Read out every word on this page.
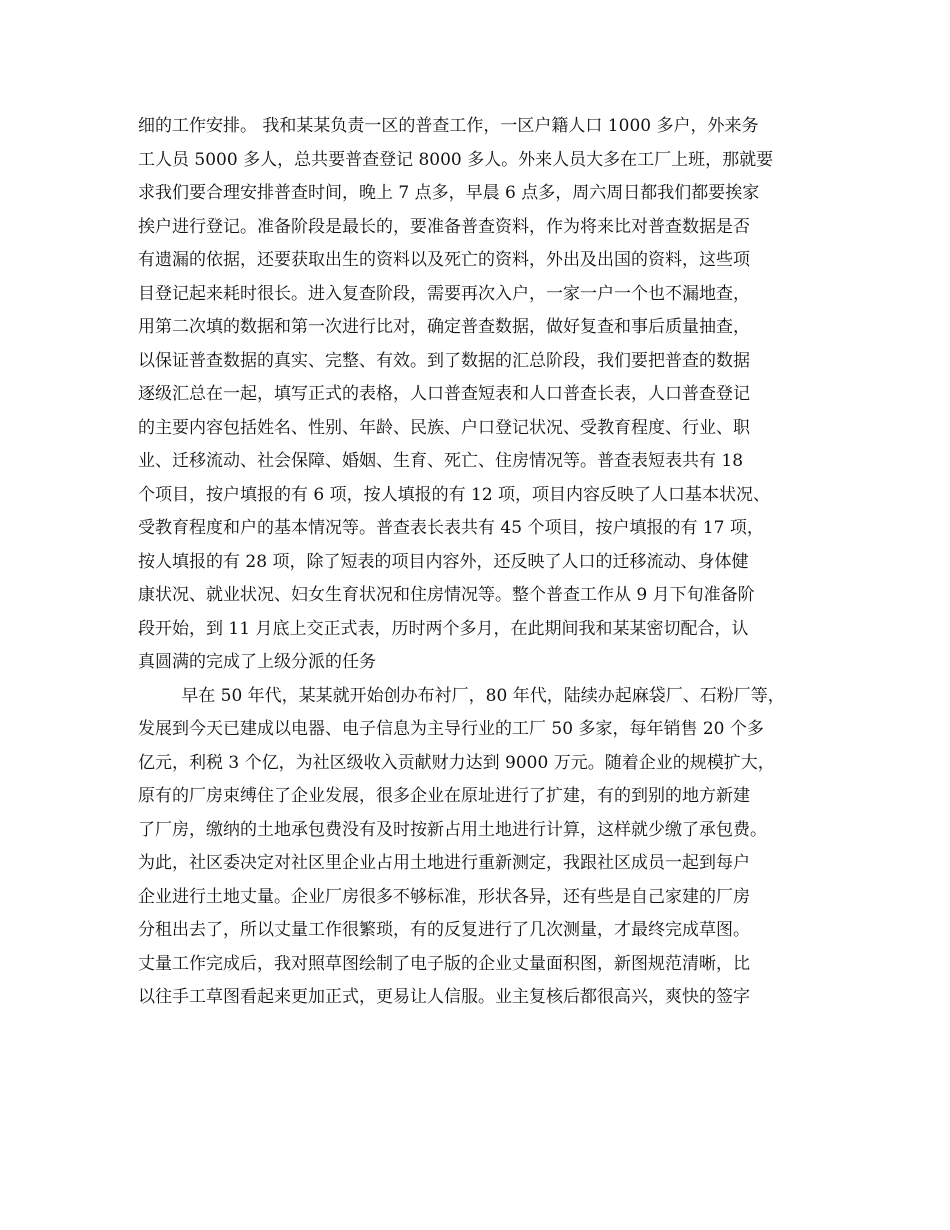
细的工作安排。 我和某某负责一区的普查工作，一区户籍人口 1000 多户，外来务
工人员 5000 多人，总共要普查登记 8000 多人。外来人员大多在工厂上班，那就要
求我们要合理安排普查时间，晚上 7 点多，早晨 6 点多，周六周日都我们都要挨家
挨户进行登记。准备阶段是最长的，要准备普查资料，作为将来比对普查数据是否
有遗漏的依据，还要获取出生的资料以及死亡的资料，外出及出国的资料，这些项
目登记起来耗时很长。进入复查阶段，需要再次入户，一家一户一个也不漏地查，
用第二次填的数据和第一次进行比对，确定普查数据，做好复查和事后质量抽查，
以保证普查数据的真实、完整、有效。到了数据的汇总阶段，我们要把普查的数据
逐级汇总在一起，填写正式的表格，人口普查短表和人口普查长表，人口普查登记
的主要内容包括姓名、性别、年龄、民族、户口登记状况、受教育程度、行业、职
业、迁移流动、社会保障、婚姻、生育、死亡、住房情况等。普查表短表共有 18
个项目，按户填报的有 6 项，按人填报的有 12 项，项目内容反映了人口基本状况、
受教育程度和户的基本情况等。普查表长表共有 45 个项目，按户填报的有 17 项，
按人填报的有 28 项，除了短表的项目内容外，还反映了人口的迁移流动、身体健
康状况、就业状况、妇女生育状况和住房情况等。整个普查工作从 9 月下旬准备阶
段开始，到 11 月底上交正式表，历时两个多月，在此期间我和某某密切配合，认
真圆满的完成了上级分派的任务
早在 50 年代，某某就开始创办布衬厂，80 年代，陆续办起麻袋厂、石粉厂等，
发展到今天已建成以电器、电子信息为主导行业的工厂 50 多家，每年销售 20 个多
亿元，利税 3 个亿，为社区级收入贡献财力达到 9000 万元。随着企业的规模扩大，
原有的厂房束缚住了企业发展，很多企业在原址进行了扩建，有的到别的地方新建
了厂房，缴纳的土地承包费没有及时按新占用土地进行计算，这样就少缴了承包费。
为此，社区委决定对社区里企业占用土地进行重新测定，我跟社区成员一起到每户
企业进行土地丈量。企业厂房很多不够标准，形状各异，还有些是自己家建的厂房
分租出去了，所以丈量工作很繁琐，有的反复进行了几次测量，才最终完成草图。
丈量工作完成后，我对照草图绘制了电子版的企业丈量面积图，新图规范清晰，比
以往手工草图看起来更加正式，更易让人信服。业主复核后都很高兴，爽快的签字
